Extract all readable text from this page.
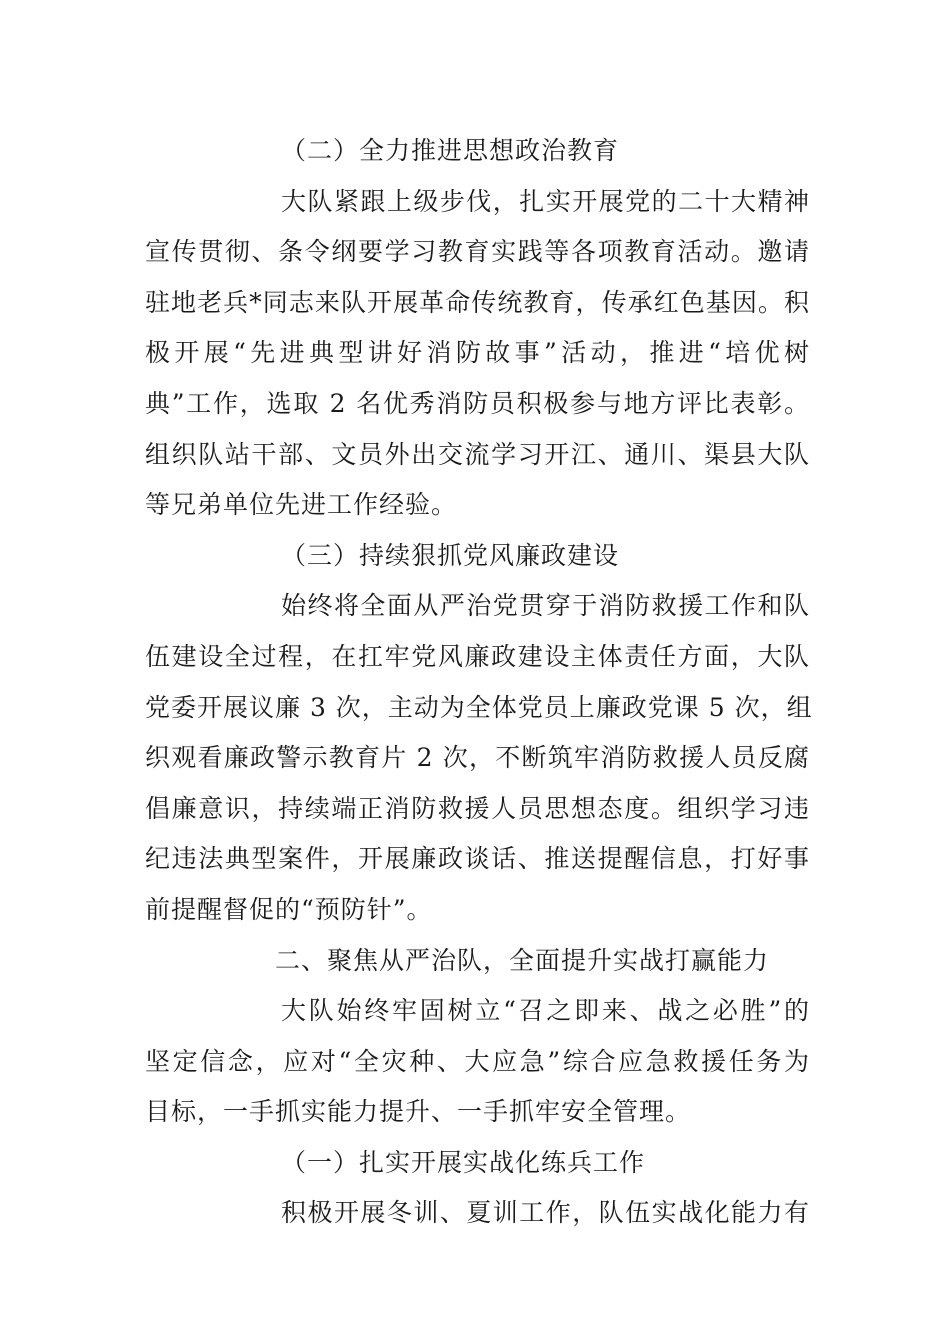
（二）全力推进思想政治教育
大队紧跟上级步伐，扎实开展党的二十大精神
宣传贯彻、条令纲要学习教育实践等各项教育活动。邀请
驻地老兵*同志来队开展革命传统教育，传承红色基因。积
极开展“先进典型讲好消防故事”活动，推进“培优树
典”工作，选取 2 名优秀消防员积极参与地方评比表彰。
组织队站干部、文员外出交流学习开江、通川、渠县大队
等兄弟单位先进工作经验。
（三）持续狠抓党风廉政建设
始终将全面从严治党贯穿于消防救援工作和队
伍建设全过程，在扛牢党风廉政建设主体责任方面，大队
党委开展议廉 3 次，主动为全体党员上廉政党课 5 次，组
织观看廉政警示教育片 2 次，不断筑牢消防救援人员反腐
倡廉意识，持续端正消防救援人员思想态度。组织学习违
纪违法典型案件，开展廉政谈话、推送提醒信息，打好事
前提醒督促的“预防针”。
二、聚焦从严治队，全面提升实战打赢能力
大队始终牢固树立“召之即来、战之必胜”的
坚定信念，应对“全灾种、大应急”综合应急救援任务为
目标，一手抓实能力提升、一手抓牢安全管理。
（一）扎实开展实战化练兵工作
积极开展冬训、夏训工作，队伍实战化能力有
